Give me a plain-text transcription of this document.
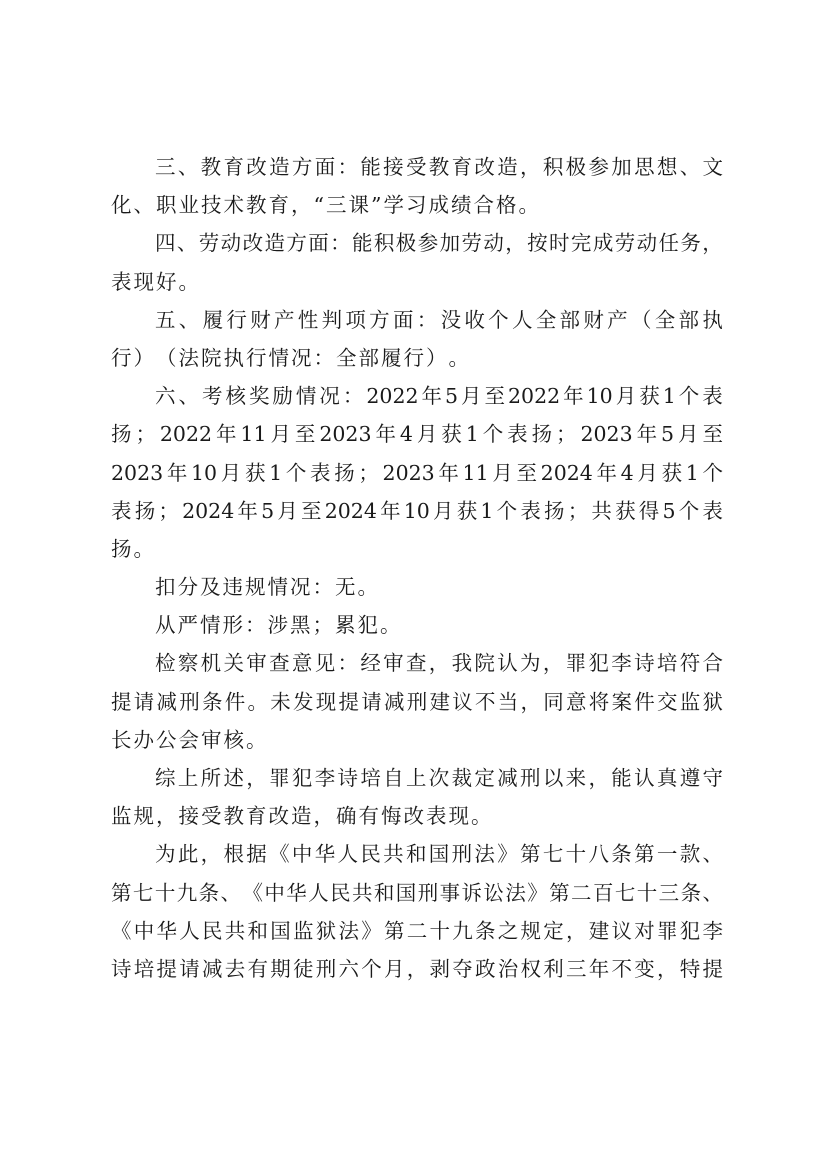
三 、 教 育 改 造 方 面 ： 能 接 受 教 育 改 造 ， 积 极 参 加 思 想 、 文
化 、 职 业 技 术 教 育 ， “ 三 课 ” 学 习 成 绩 合 格 。
四 、 劳 动 改 造 方 面 ： 能 积 极 参 加 劳 动 ， 按 时 完 成 劳 动 任 务 ，
表 现 好 。
五 、 履 行 财 产 性 判 项 方 面 ： 没 收 个 人 全 部 财 产 （ 全 部 执
行 ） （ 法 院 执 行 情 况 ： 全 部 履 行 ） 。
六 、 考 核 奖 励 情 况 ： 2022 年 5 月 至 2022 年 10 月 获 1 个 表
扬 ； 2022 年 11 月 至 2023 年 4 月 获 1 个 表 扬 ； 2023 年 5 月 至
2023 年 10 月 获 1 个 表 扬 ； 2023 年 11 月 至 2024 年 4 月 获 1 个
表 扬 ； 2024 年 5 月 至 2024 年 10 月 获 1 个 表 扬 ； 共 获 得 5 个 表
扬 。
扣 分 及 违 规 情 况 ： 无 。
从 严 情 形 ： 涉 黑 ； 累 犯 。
检 察 机 关 审 查 意 见 ： 经 审 查 ， 我 院 认 为 ， 罪 犯 李 诗 培 符 合
提 请 减 刑 条 件 。 未 发 现 提 请 减 刑 建 议 不 当 ， 同 意 将 案 件 交 监 狱
长 办 公 会 审 核 。
综 上 所 述 ， 罪 犯 李 诗 培 自 上 次 裁 定 减 刑 以 来 ， 能 认 真 遵 守
监 规 ， 接 受 教 育 改 造 ， 确 有 悔 改 表 现 。
为 此 ， 根 据 《 中 华 人 民 共 和 国 刑 法 》 第 七 十 八 条 第 一 款 、
第 七 十 九 条 、 《 中 华 人 民 共 和 国 刑 事 诉 讼 法 》 第 二 百 七 十 三 条 、
《 中 华 人 民 共 和 国 监 狱 法 》 第 二 十 九 条 之 规 定 ， 建 议 对 罪 犯 李
诗 培 提 请 减 去 有 期 徒 刑 六 个 月 ， 剥 夺 政 治 权 利 三 年 不 变 ， 特 提
